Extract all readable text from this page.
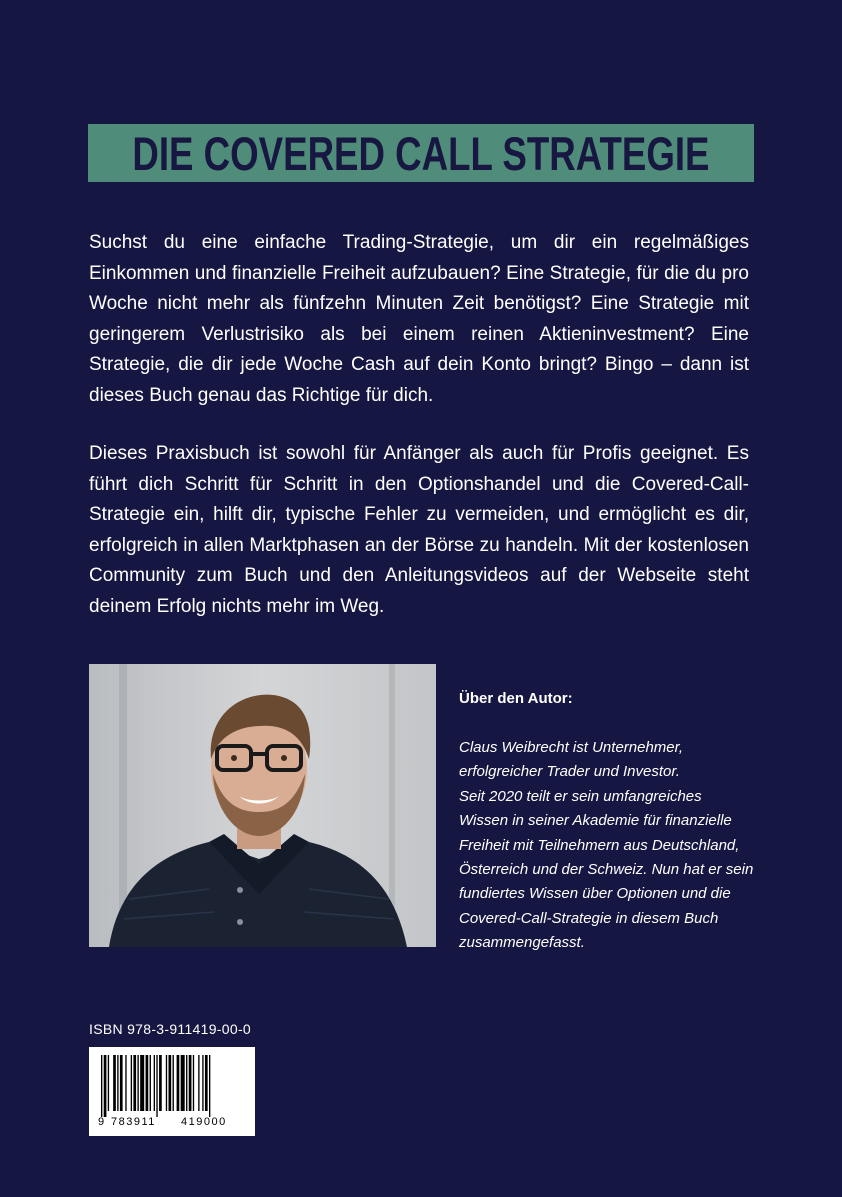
DIE COVERED CALL STRATEGIE

Suchst du eine einfache Trading-Strategie, um dir ein regelmäßiges Einkommen und finanzielle Freiheit aufzubauen? Eine Strategie, für die du pro Woche nicht mehr als fünfzehn Minuten Zeit benötigst? Eine Strategie mit geringerem Verlustrisiko als bei einem reinen Aktieninvestment? Eine Strategie, die dir jede Woche Cash auf dein Konto bringt? Bingo – dann ist dieses Buch genau das Richtige für dich.

Dieses Praxisbuch ist sowohl für Anfänger als auch für Profis geeignet. Es führt dich Schritt für Schritt in den Optionshandel und die Covered-Call-Strategie ein, hilft dir, typische Fehler zu vermeiden, und ermöglicht es dir, erfolgreich in allen Marktphasen an der Börse zu handeln. Mit der kostenlosen Community zum Buch und den Anleitungsvideos auf der Webseite steht deinem Erfolg nichts mehr im Weg.

Über den Autor:
Claus Weibrecht ist Unternehmer,
erfolgreicher Trader und Investor.
Seit 2020 teilt er sein umfangreiches
Wissen in seiner Akademie für finanzielle
Freiheit mit Teilnehmern aus Deutschland,
Österreich und der Schweiz. Nun hat er sein
fundiertes Wissen über Optionen und die
Covered-Call-Strategie in diesem Buch
zusammengefasst.
ISBN 978-3-911419-00-0
9 783911 419000
